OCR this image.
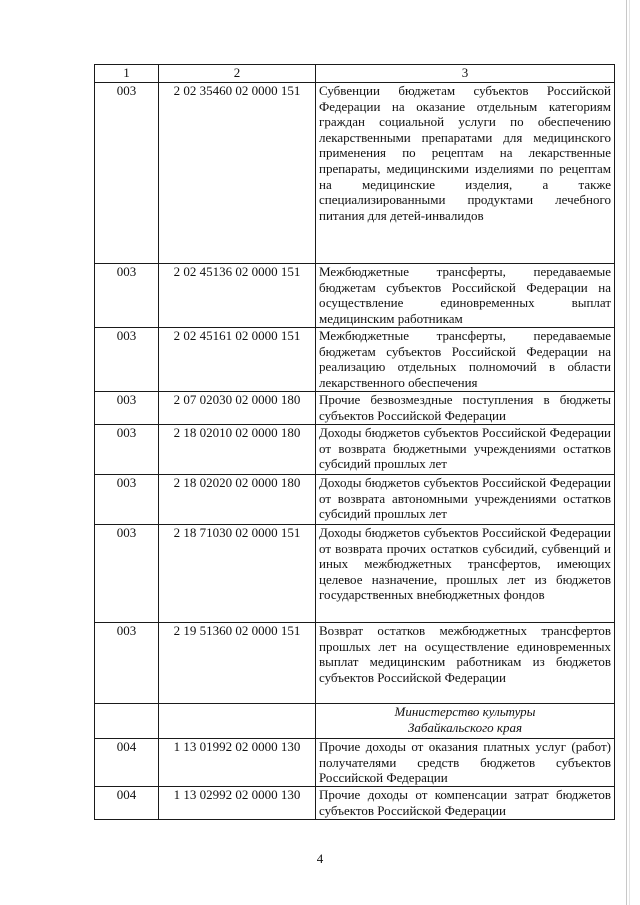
1	2	3
003	2 02 35460 02 0000 151	Субвенции бюджетам субъектов Российской Федерации на оказание отдельным категориям граждан социальной услуги по обеспечению лекарственными препаратами для медицинского применения по рецептам на лекарственные препараты, медицинскими изделиями по рецептам на медицинские изделия, а также специализированными продуктами лечебного питания для детей-инвалидов
003	2 02 45136 02 0000 151	Межбюджетные трансферты, передаваемые бюджетам субъектов Российской Федерации на осуществление единовременных выплат медицинским работникам
003	2 02 45161 02 0000 151	Межбюджетные трансферты, передаваемые бюджетам субъектов Российской Федерации на реализацию отдельных полномочий в области лекарственного обеспечения
003	2 07 02030 02 0000 180	Прочие безвозмездные поступления в бюджеты субъектов Российской Федерации
003	2 18 02010 02 0000 180	Доходы бюджетов субъектов Российской Федерации от возврата бюджетными учреждениями остатков субсидий прошлых лет
003	2 18 02020 02 0000 180	Доходы бюджетов субъектов Российской Федерации от возврата автономными учреждениями остатков субсидий прошлых лет
003	2 18 71030 02 0000 151	Доходы бюджетов субъектов Российской Федерации от возврата прочих остатков субсидий, субвенций и иных межбюджетных трансфертов, имеющих целевое назначение, прошлых лет из бюджетов государственных внебюджетных фондов
003	2 19 51360 02 0000 151	Возврат остатков межбюджетных трансфертов прошлых лет на осуществление единовременных выплат медицинским работникам из бюджетов субъектов Российской Федерации

		Министерство культуры
Забайкальского края

004	1 13 01992 02 0000 130	Прочие доходы от оказания платных услуг (работ) получателями средств бюджетов субъектов Российской Федерации
004	1 13 02992 02 0000 130	Прочие доходы от компенсации затрат бюджетов субъектов Российской Федерации
4
